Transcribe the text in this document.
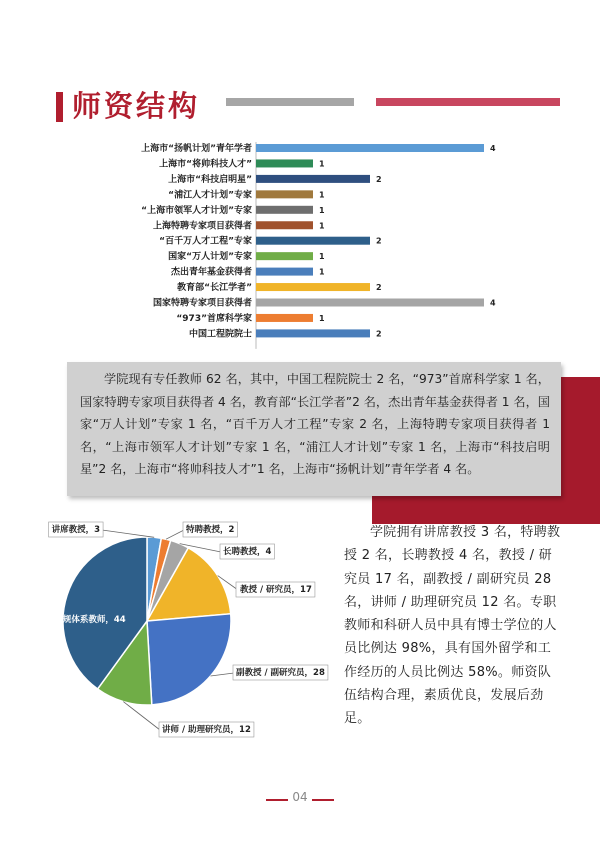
师资结构
上海市“扬帆计划”青年学者	4
上海市“将帅科技人才”	1
上海市“科技启明星”	2
“浦江人才计划”专家	1
“上海市领军人才计划”专家	1
上海特聘专家项目获得者	1
“百千万人才工程”专家	2
国家“万人计划”专家	1
杰出青年基金获得者	1
教育部“长江学者”	2
国家特聘专家项目获得者	4
“973”首席科学家	1
中国工程院院士	2

学院现有专任教师 62 名，其中，中国工程院院士 2 名，“973”首席科学家 1 名，国家特聘专家项目获得者 4 名，教育部“长江学者”2 名，杰出青年基金获得者 1 名，国家“万人计划”专家 1 名，“百千万人才工程”专家 2 名，上海特聘专家项目获得者 1 名，“上海市领军人才计划”专家 1 名，“浦江人才计划”专家 1 名，上海市“科技启明星”2 名，上海市“将帅科技人才”1 名，上海市“扬帆计划”青年学者 4 名。

讲席教授，3	特聘教授，2
长聘教授，4
教授 / 研究员，17
副教授 / 副研究员，28
讲师 / 助理研究员，12
常规体系教师，44

学院拥有讲席教授 3 名，特聘教授 2 名，长聘教授 4 名，教授 / 研究员 17 名，副教授 / 副研究员 28 名，讲师 / 助理研究员 12 名。专职教师和科研人员中具有博士学位的人员比例达 98%，具有国外留学和工作经历的人员比例达 58%。师资队伍结构合理，素质优良，发展后劲足。

04
